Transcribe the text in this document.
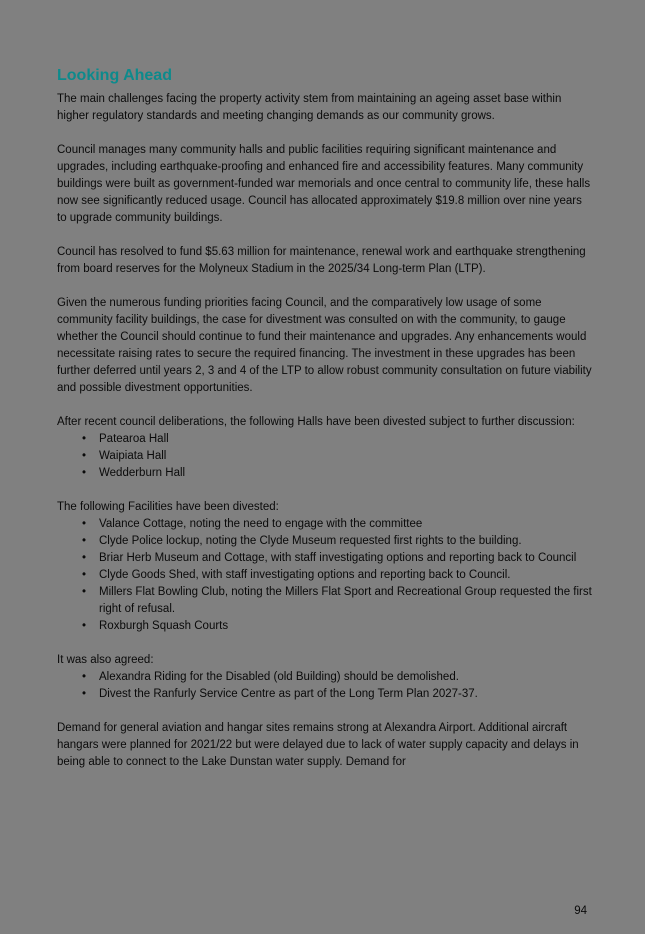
Looking Ahead

The main challenges facing the property activity stem from maintaining an ageing asset base within higher regulatory standards and meeting changing demands as our community grows.

Council manages many community halls and public facilities requiring significant maintenance and upgrades, including earthquake-proofing and enhanced fire and accessibility features. Many community buildings were built as government-funded war memorials and once central to community life, these halls now see significantly reduced usage. Council has allocated approximately $19.8 million over nine years to upgrade community buildings.

Council has resolved to fund $5.63 million for maintenance, renewal work and earthquake strengthening from board reserves for the Molyneux Stadium in the 2025/34 Long-term Plan (LTP).

Given the numerous funding priorities facing Council, and the comparatively low usage of some community facility buildings, the case for divestment was consulted on with the community, to gauge whether the Council should continue to fund their maintenance and upgrades. Any enhancements would necessitate raising rates to secure the required financing. The investment in these upgrades has been further deferred until years 2, 3 and 4 of the LTP to allow robust community consultation on future viability and possible divestment opportunities.

After recent council deliberations, the following Halls have been divested subject to further discussion:

• Patearoa Hall
• Waipiata Hall
• Wedderburn Hall

The following Facilities have been divested:

• Valance Cottage, noting the need to engage with the committee
• Clyde Police lockup, noting the Clyde Museum requested first rights to the building.
• Briar Herb Museum and Cottage, with staff investigating options and reporting back to Council
• Clyde Goods Shed, with staff investigating options and reporting back to Council.
• Millers Flat Bowling Club, noting the Millers Flat Sport and Recreational Group requested the first right of refusal.
• Roxburgh Squash Courts

It was also agreed:

• Alexandra Riding for the Disabled (old Building) should be demolished.
• Divest the Ranfurly Service Centre as part of the Long Term Plan 2027-37.

Demand for general aviation and hangar sites remains strong at Alexandra Airport. Additional aircraft hangars were planned for 2021/22 but were delayed due to lack of water supply capacity and delays in being able to connect to the Lake Dunstan water supply. Demand for

94
